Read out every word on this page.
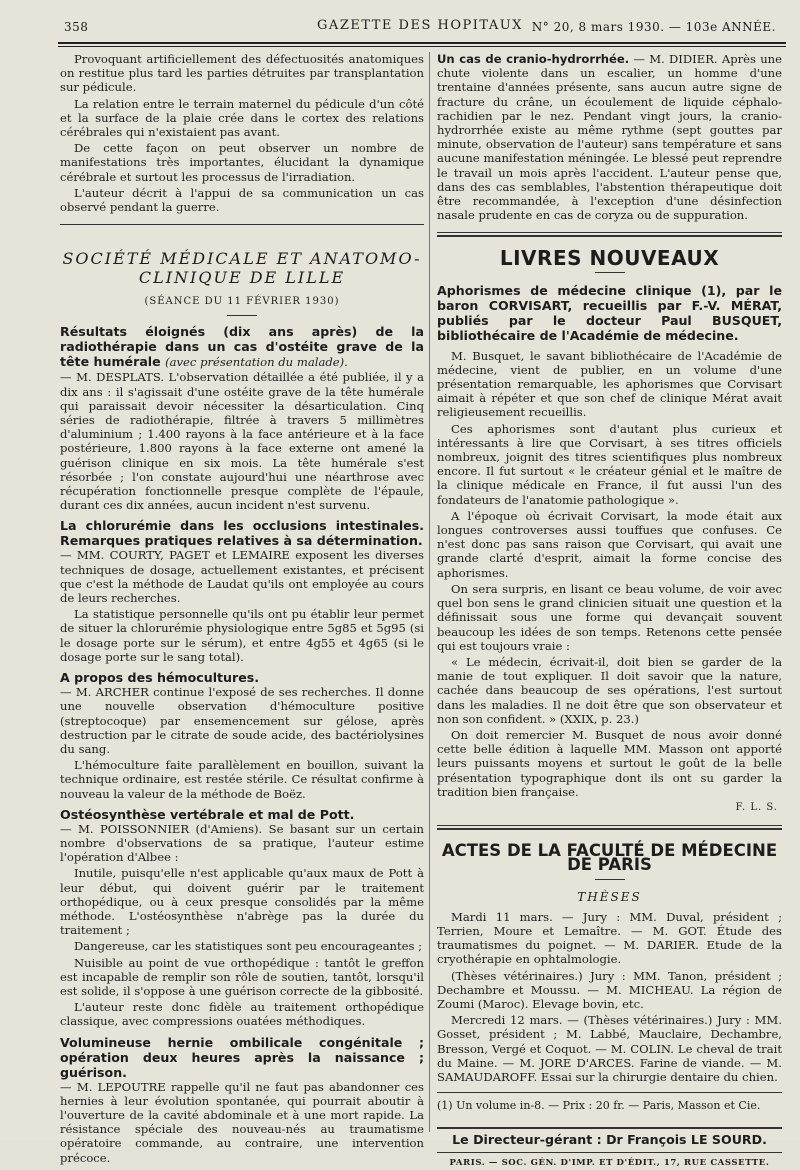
358	GAZETTE DES HOPITAUX N° 20, 8 mars 1930. — 103e ANNÉE.

Provoquant artificiellement des défectuosités anatomiques on restitue plus tard les parties détruites par transplantation sur pédicule.

La relation entre le terrain maternel du pédicule d'un côté et la surface de la plaie crée dans le cortex des relations cérébrales qui n'existaient pas avant.

De cette façon on peut observer un nombre de manifestations très importantes, élucidant la dynamique cérébrale et surtout les processus de l'irradiation.

L'auteur décrit à l'appui de sa communication un cas observé pendant la guerre.

SOCIÉTÉ MÉDICALE ET ANATOMO-CLINIQUE DE LILLE
(SÉANCE DU 11 FÉVRIER 1930)
Résultats éloignés (dix ans après) de la radiothérapie dans un cas d'ostéite grave de la tête humérale (avec présentation du malade).

— M. DESPLATS. L'observation détaillée a été publiée, il y a dix ans : il s'agissait d'une ostéite grave de la tête humérale qui paraissait devoir nécessiter la désarticulation. Cinq séries de radiothérapie, filtrée à travers 5 millimètres d'aluminium ; 1.400 rayons à la face antérieure et à la face postérieure, 1.800 rayons à la face externe ont amené la guérison clinique en six mois. La tête humérale s'est résorbée ; l'on constate aujourd'hui une néarthrose avec récupération fonctionnelle presque complète de l'épaule, durant ces dix années, aucun incident n'est survenu.

La chlorurémie dans les occlusions intestinales. Remarques pratiques relatives à sa détermination.

— MM. COURTY, PAGET et LEMAIRE exposent les diverses techniques de dosage, actuellement existantes, et précisent que c'est la méthode de Laudat qu'ils ont employée au cours de leurs recherches.

La statistique personnelle qu'ils ont pu établir leur permet de situer la chlorurémie physiologique entre 5g85 et 5g95 (si le dosage porte sur le sérum), et entre 4g55 et 4g65 (si le dosage porte sur le sang total).

A propos des hémocultures.

— M. ARCHER continue l'exposé de ses recherches. Il donne une nouvelle observation d'hémoculture positive (streptocoque) par ensemencement sur gélose, après destruction par le citrate de soude acide, des bactériolysines du sang.

L'hémoculture faite parallèlement en bouillon, suivant la technique ordinaire, est restée stérile. Ce résultat confirme à nouveau la valeur de la méthode de Boëz.

Ostéosynthèse vertébrale et mal de Pott.

— M. POISSONNIER (d'Amiens). Se basant sur un certain nombre d'observations de sa pratique, l'auteur estime l'opération d'Albee :

Inutile, puisqu'elle n'est applicable qu'aux maux de Pott à leur début, qui doivent guérir par le traitement orthopédique, ou à ceux presque consolidés par la même méthode. L'ostéosynthèse n'abrège pas la durée du traitement ;

Dangereuse, car les statistiques sont peu encourageantes ;

Nuisible au point de vue orthopédique : tantôt le greffon est incapable de remplir son rôle de soutien, tantôt, lorsqu'il est solide, il s'oppose à une guérison correcte de la gibbosité.

L'auteur reste donc fidèle au traitement orthopédique classique, avec compressions ouatées méthodiques.

Volumineuse hernie ombilicale congénitale ; opération deux heures après la naissance ; guérison.

— M. LEPOUTRE rappelle qu'il ne faut pas abandonner ces hernies à leur évolution spontanée, qui pourrait aboutir à l'ouverture de la cavité abdominale et à une mort rapide. La résistance spéciale des nouveau-nés au traumatisme opératoire commande, au contraire, une intervention précoce.

Un cas de cranio-hydrorrhée. — M. DIDIER. Après une chute violente dans un escalier, un homme d'une trentaine d'années présente, sans aucun autre signe de fracture du crâne, un écoulement de liquide céphalo-rachidien par le nez. Pendant vingt jours, la cranio-hydrorrhée existe au même rythme (sept gouttes par minute, observation de l'auteur) sans température et sans aucune manifestation méningée. Le blessé peut reprendre le travail un mois après l'accident. L'auteur pense que, dans des cas semblables, l'abstention thérapeutique doit être recommandée, à l'exception d'une désinfection nasale prudente en cas de coryza ou de suppuration.

LIVRES NOUVEAUX
Aphorismes de médecine clinique (1), par le baron CORVISART, recueillis par F.-V. MÉRAT, publiés par le docteur Paul BUSQUET, bibliothécaire de l'Académie de médecine.

M. Busquet, le savant bibliothécaire de l'Académie de médecine, vient de publier, en un volume d'une présentation remarquable, les aphorismes que Corvisart aimait à répéter et que son chef de clinique Mérat avait religieusement recueillis.

Ces aphorismes sont d'autant plus curieux et intéressants à lire que Corvisart, à ses titres officiels nombreux, joignit des titres scientifiques plus nombreux encore. Il fut surtout « le créateur génial et le maître de la clinique médicale en France, il fut aussi l'un des fondateurs de l'anatomie pathologique ».

A l'époque où écrivait Corvisart, la mode était aux longues controverses aussi touffues que confuses. Ce n'est donc pas sans raison que Corvisart, qui avait une grande clarté d'esprit, aimait la forme concise des aphorismes.

On sera surpris, en lisant ce beau volume, de voir avec quel bon sens le grand clinicien situait une question et la définissait sous une forme qui devançait souvent beaucoup les idées de son temps. Retenons cette pensée qui est toujours vraie :

« Le médecin, écrivait-il, doit bien se garder de la manie de tout expliquer. Il doit savoir que la nature, cachée dans beaucoup de ses opérations, l'est surtout dans les maladies. Il ne doit être que son observateur et non son confident. » (XXIX, p. 23.)

On doit remercier M. Busquet de nous avoir donné cette belle édition à laquelle MM. Masson ont apporté leurs puissants moyens et surtout le goût de la belle présentation typographique dont ils ont su garder la tradition bien française.

F. L. S.
ACTES DE LA FACULTÉ DE MÉDECINE DE PARIS
THÈSES

Mardi 11 mars. — Jury : MM. Duval, président ; Terrien, Moure et Lemaître. — M. GOT. Étude des traumatismes du poignet. — M. DARIER. Etude de la cryothérapie en ophtalmologie.

(Thèses vétérinaires.) Jury : MM. Tanon, président ; Dechambre et Moussu. — M. MICHEAU. La région de Zoumi (Maroc). Elevage bovin, etc.

Mercredi 12 mars. — (Thèses vétérinaires.) Jury : MM. Gosset, président ; M. Labbé, Mauclaire, Dechambre, Bresson, Vergé et Coquot. — M. COLIN. Le cheval de trait du Maine. — M. JORE D'ARCES. Farine de viande. — M. SAMAUDAROFF. Essai sur la chirurgie dentaire du chien.

(1) Un volume in-8. — Prix : 20 fr. — Paris, Masson et Cie.
Le Directeur-gérant : Dr François LE SOURD.
PARIS. — SOC. GÉN. D'IMP. ET D'ÉDIT., 17, RUE CASSETTE.
